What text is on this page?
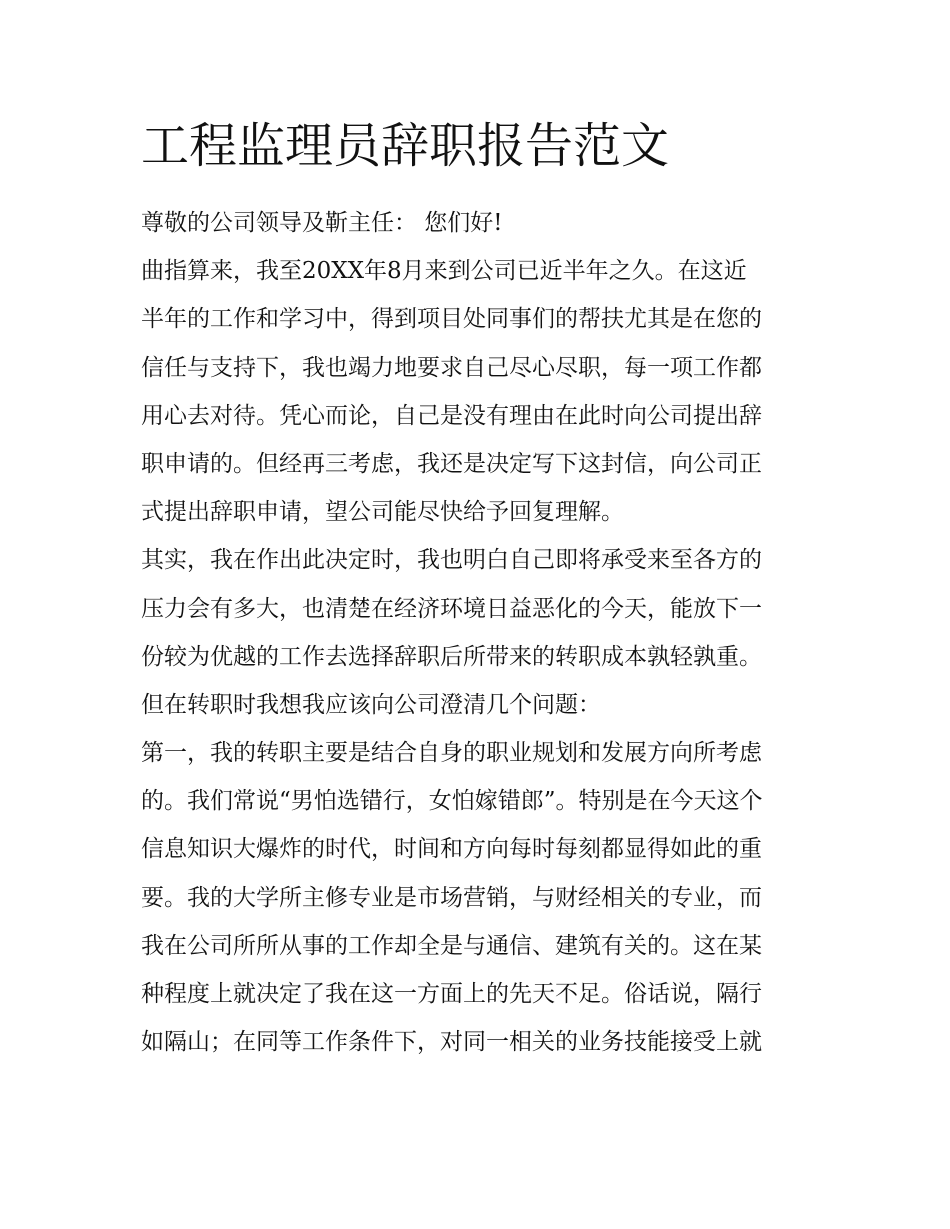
工程监理员辞职报告范文
尊敬的公司领导及靳主任： 您们好!
曲指算来，我至20XX年8月来到公司已近半年之久。在这近
半年的工作和学习中，得到项目处同事们的帮扶尤其是在您的
信任与支持下，我也竭力地要求自己尽心尽职，每一项工作都
用心去对待。凭心而论，自己是没有理由在此时向公司提出辞
职申请的。但经再三考虑，我还是决定写下这封信，向公司正
式提出辞职申请，望公司能尽快给予回复理解。
其实，我在作出此决定时，我也明白自己即将承受来至各方的
压力会有多大，也清楚在经济环境日益恶化的今天，能放下一
份较为优越的工作去选择辞职后所带来的转职成本孰轻孰重。
但在转职时我想我应该向公司澄清几个问题：
第一，我的转职主要是结合自身的职业规划和发展方向所考虑
的。我们常说“男怕选错行，女怕嫁错郎”。特别是在今天这个
信息知识大爆炸的时代，时间和方向每时每刻都显得如此的重
要。我的大学所主修专业是市场营销，与财经相关的专业，而
我在公司所所从事的工作却全是与通信、建筑有关的。这在某
种程度上就决定了我在这一方面上的先天不足。俗话说，隔行
如隔山；在同等工作条件下，对同一相关的业务技能接受上就
